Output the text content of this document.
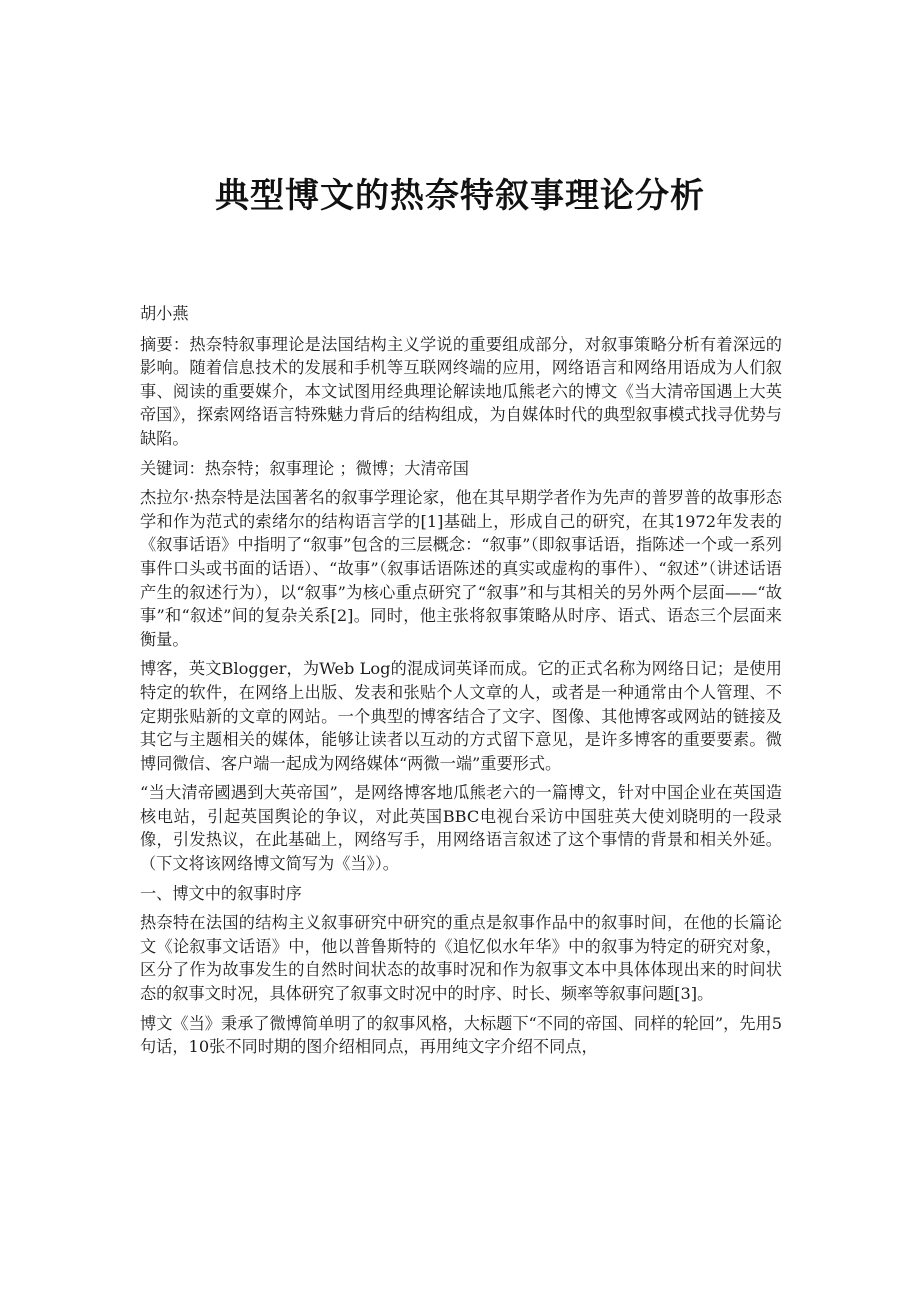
典型博文的热奈特叙事理论分析

胡小燕

摘要：热奈特叙事理论是法国结构主义学说的重要组成部分，对叙事策略分析有着深远的影响。随着信息技术的发展和手机等互联网终端的应用，网络语言和网络用语成为人们叙事、阅读的重要媒介，本文试图用经典理论解读地瓜熊老六的博文《当大清帝国遇上大英帝国》，探索网络语言特殊魅力背后的结构组成，为自媒体时代的典型叙事模式找寻优势与缺陷。

关键词：热奈特；叙事理论 ；微博；大清帝国

杰拉尔·热奈特是法国著名的叙事学理论家，他在其早期学者作为先声的普罗普的故事形态学和作为范式的索绪尔的结构语言学的[1]基础上，形成自己的研究，在其1972年发表的《叙事话语》中指明了“叙事”包含的三层概念：“叙事”（即叙事话语，指陈述一个或一系列事件口头或书面的话语）、“故事”（叙事话语陈述的真实或虚构的事件）、“叙述”（讲述话语产生的叙述行为），以“叙事”为核心重点研究了“叙事”和与其相关的另外两个层面——“故事”和“叙述”间的复杂关系[2]。同时，他主张将叙事策略从时序、语式、语态三个层面来衡量。

博客，英文Blogger，为Web Log的混成词英译而成。它的正式名称为网络日记；是使用特定的软件，在网络上出版、发表和张贴个人文章的人，或者是一种通常由个人管理、不定期张贴新的文章的网站。一个典型的博客结合了文字、图像、其他博客或网站的链接及其它与主题相关的媒体，能够让读者以互动的方式留下意见，是许多博客的重要要素。微博同微信、客户端一起成为网络媒体“两微一端”重要形式。

“当大清帝國遇到大英帝国”，是网络博客地瓜熊老六的一篇博文，针对中国企业在英国造核电站，引起英国舆论的争议，对此英国BBC电视台采访中国驻英大使刘晓明的一段录像，引发热议，在此基础上，网络写手，用网络语言叙述了这个事情的背景和相关外延。（下文将该网络博文简写为《当》）。

一、博文中的叙事时序

热奈特在法国的结构主义叙事研究中研究的重点是叙事作品中的叙事时间，在他的长篇论文《论叙事文话语》中，他以普鲁斯特的《追忆似水年华》中的叙事为特定的研究对象，区分了作为故事发生的自然时间状态的故事时况和作为叙事文本中具体体现出来的时间状态的叙事文时况，具体研究了叙事文时况中的时序、时长、频率等叙事问题[3]。

博文《当》秉承了微博简单明了的叙事风格，大标题下“不同的帝国、同样的轮回”，先用5句话，10张不同时期的图介绍相同点，再用纯文字介绍不同点，
